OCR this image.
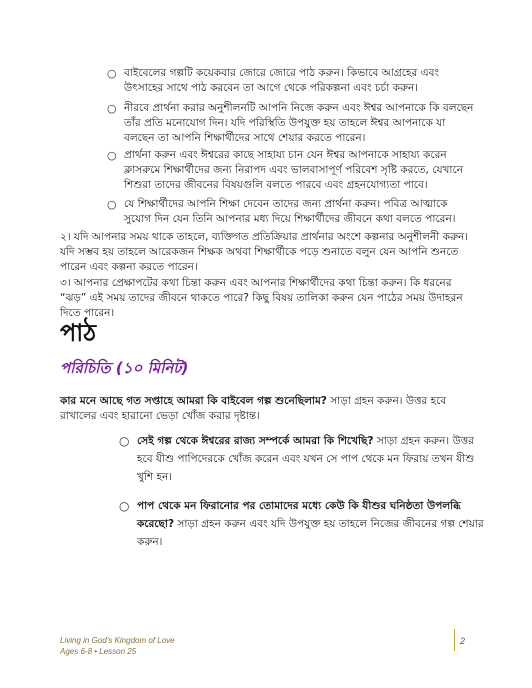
○ বাইবেলের গল্পটি কয়েকবার জোরে জোরে পাঠ করুন। কিভাবে আগ্রহের এবং উৎসাহের সাথে পাঠ করবেন তা আগে থেকে পরিকল্পনা এবং চর্চা করুন।
○ নীরবে প্রার্থনা করার অনুশীলনটি আপনি নিজে করুন এবং ঈশ্বর আপনাকে কি বলছেন তাঁর প্রতি মনোযোগ দিন। যদি পরিস্থিতি উপযুক্ত হয় তাহলে ঈশ্বর আপনাকে যা বলছেন তা আপনি শিক্ষার্থীদের সাথে শেয়ার করতে পারেন।
○ প্রার্থনা করুন এবং ঈশ্বরের কাছে সাহায্য চান যেন ঈশ্বর আপনাকে সাহায্য করেন ক্লাসরুমে শিক্ষার্থীদের জন্য নিরাপদ এবং ভালবাসাপূর্ণ পরিবেশ সৃষ্টি করতে, যেখানে শিশুরা তাদের জীবনের বিষয়গুলি বলতে পারবে এবং গ্রহনযোগ্যতা পাবে।
○ যে শিক্ষার্থীদের আপনি শিক্ষা দেবেন তাদের জন্য প্রার্থনা করুন। পবিত্র আত্মাকে সুযোগ দিন যেন তিনি আপনার মধ্য দিয়ে শিক্ষার্থীদের জীবনে কথা বলতে পারেন।
২। যদি আপনার সময় থাকে তাহলে, ব্যক্তিগত প্রতিক্রিয়ার প্রার্থনার অংশে কল্পনার অনুশীলনী করুন। যদি সম্ভব হয় তাহলে আরেকজন শিক্ষক অথবা শিক্ষার্থীকে পড়ে শুনাতে বলুন যেন আপনি শুনতে পারেন এবং কল্পনা করতে পারেন।
৩। আপনার প্রেক্ষাপটের কথা চিন্তা করুন এবং আপনার শিক্ষার্থীদের কথা চিন্তা করুন। কি ধরনের “ঝড়” এই সময় তাদের জীবনে থাকতে পারে? কিছু বিষয় তালিকা করুন যেন পাঠের সময় উদাহরন দিতে পারেন।
পাঠ
পরিচিতি (১০ মিনিট)
কার মনে আছে গত সপ্তাহে আমরা কি বাইবেল গল্প শুনেছিলাম? সাড়া গ্রহন করুন। উত্তর হবে রাখালের এবং হারানো ভেড়া খোঁজ করার দৃষ্টান্ত।
○ সেই গল্প থেকে ঈশ্বরের রাজ্য সম্পর্কে আমরা কি শিখেছি? সাড়া গ্রহন করুন। উত্তর হবে যীশু পাপিদেরকে খোঁজ করেন এবং যখন সে পাপ থেকে মন ফিরায় তখন যীশু খুশি হন।
○ পাপ থেকে মন ফিরানোর পর তোমাদের মধ্যে কেউ কি যীশুর ঘনিষ্ঠতা উপলব্ধি করেছো? সাড়া গ্রহন করুন এবং যদি উপযুক্ত হয় তাহলে নিজের জীবনের গল্প শেয়ার করুন।
Living in God’s Kingdom of Love
Ages 6-8 • Lesson 25
2
